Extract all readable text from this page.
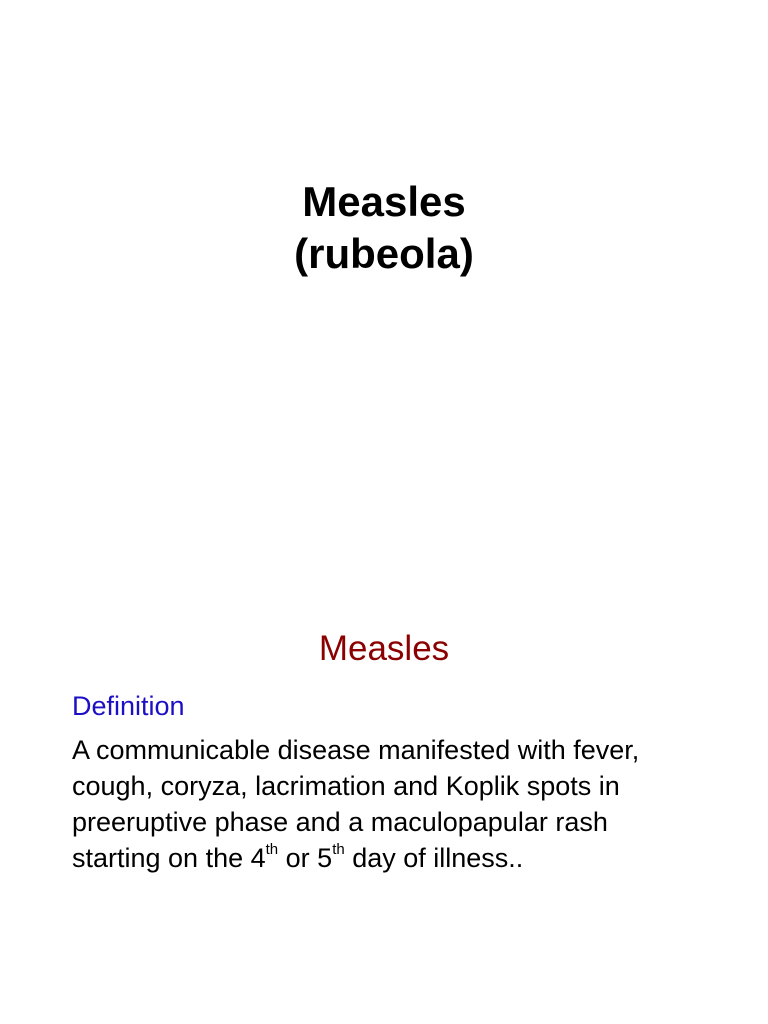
Measles
(rubeola)
Measles
Definition
A communicable disease manifested with fever,
cough, coryza, lacrimation and Koplik spots in
preeruptive phase and a maculopapular rash
starting on the 4th or 5th day of illness..
